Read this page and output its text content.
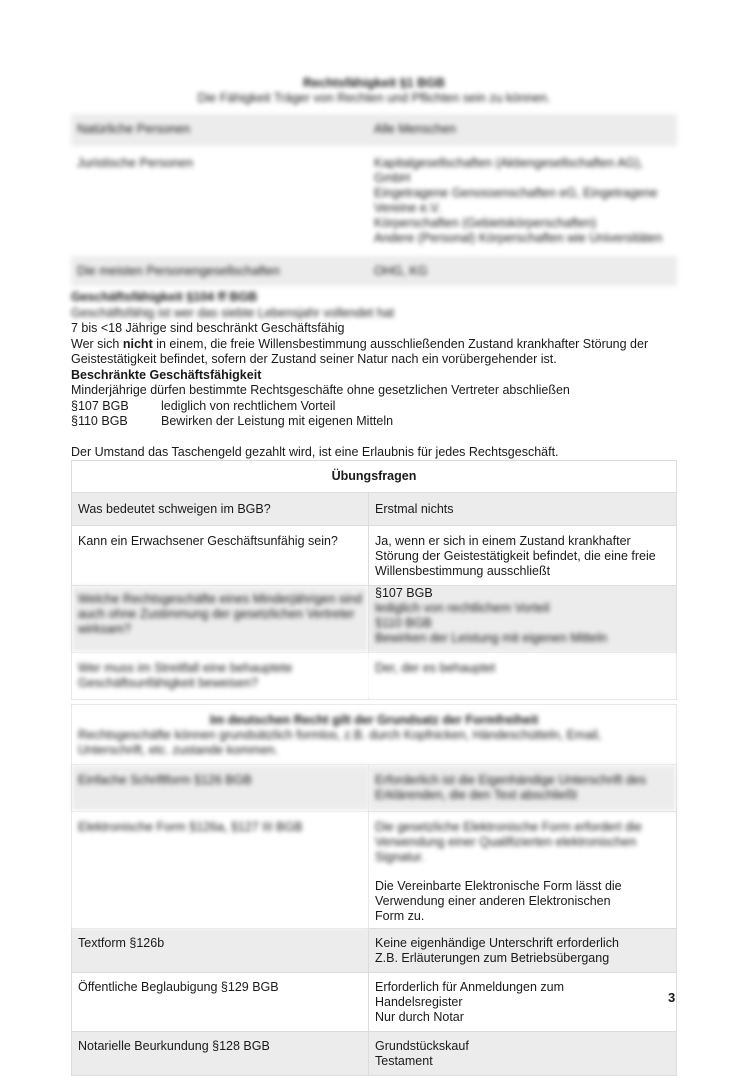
Rechtsfähigkeit §1 BGB
Die Fähigkeit Träger von Rechten und Pflichten sein zu können.	
Natürliche Personen	Alle Menschen
Juristische Personen	Kapitalgesellschaften (Aktiengesellschaften AG), GmbH
Eingetragene Genossenschaften eG, Eingetragene Vereine e.V.
Körperschaften (Gebietskörperschaften)
Andere (Personal) Körperschaften wie Universitäten

Die meisten Personengesellschaften	OHG, KG

Geschäftsfähigkeit §104 ff BGB

Geschäftsfähig ist wer das siebte Lebensjahr vollendet hat

7 bis <18 Jährige sind beschränkt Geschäftsfähig

Wer sich nicht in einem, die freie Willensbestimmung ausschließenden Zustand krankhafter Störung der

Geistestätigkeit befindet, sofern der Zustand seiner Natur nach ein vorübergehender ist.

Beschränkte Geschäftsfähigkeit

Minderjährige dürfen bestimmte Rechtsgeschäfte ohne gesetzlichen Vertreter abschließen

§107 BGB	lediglich von rechtlichem Vorteil

§110 BGB	Bewirken der Leistung mit eigenen Mitteln

Der Umstand das Taschengeld gezahlt wird, ist eine Erlaubnis für jedes Rechtsgeschäft.

Übungsfragen	
Was bedeutet schweigen im BGB?	Erstmal nichts
Kann ein Erwachsener Geschäftsunfähig sein?	Ja, wenn er sich in einem Zustand krankhafter
Störung der Geistestätigkeit befindet, die eine freie
Willensbestimmung ausschließt

Welche Rechtsgeschäfte eines Minderjährigen sind auch ohne Zustimmung der gesetzlichen Vertreter wirksam?	§107 BGB
lediglich von rechtlichem Vorteil
§110 BGB
Bewirken der Leistung mit eigenen Mitteln

Wer muss im Streitfall eine behauptete Geschäftsunfähigkeit beweisen?	Der, der es behauptet
Im deutschen Recht gilt der Grundsatz der Formfreiheit
Rechtsgeschäfte können grundsätzlich formlos, z.B. durch Kopfnicken, Händeschütteln, Email, Unterschrift, etc. zustande kommen.	

Einfache Schriftform §126 BGB	Erforderlich ist die Eigenhändige Unterschrift des Erklärenden, die den Text abschließt
Elektronische Form §126a, §127 III BGB	Die gesetzliche Elektronische Form erfordert die Verwendung einer Qualifizierten elektronischen Signatur.
Die Vereinbarte Elektronische Form lässt die
Verwendung einer anderen Elektronischen
Form zu.

Textform §126b	Keine eigenhändige Unterschrift erforderlich
Z.B. Erläuterungen zum Betriebsübergang

Öffentliche Beglaubigung §129 BGB	Erforderlich für Anmeldungen zum
Handelsregister
Nur durch Notar

Notarielle Beurkundung §128 BGB	Grundstückskauf
Testament
3
